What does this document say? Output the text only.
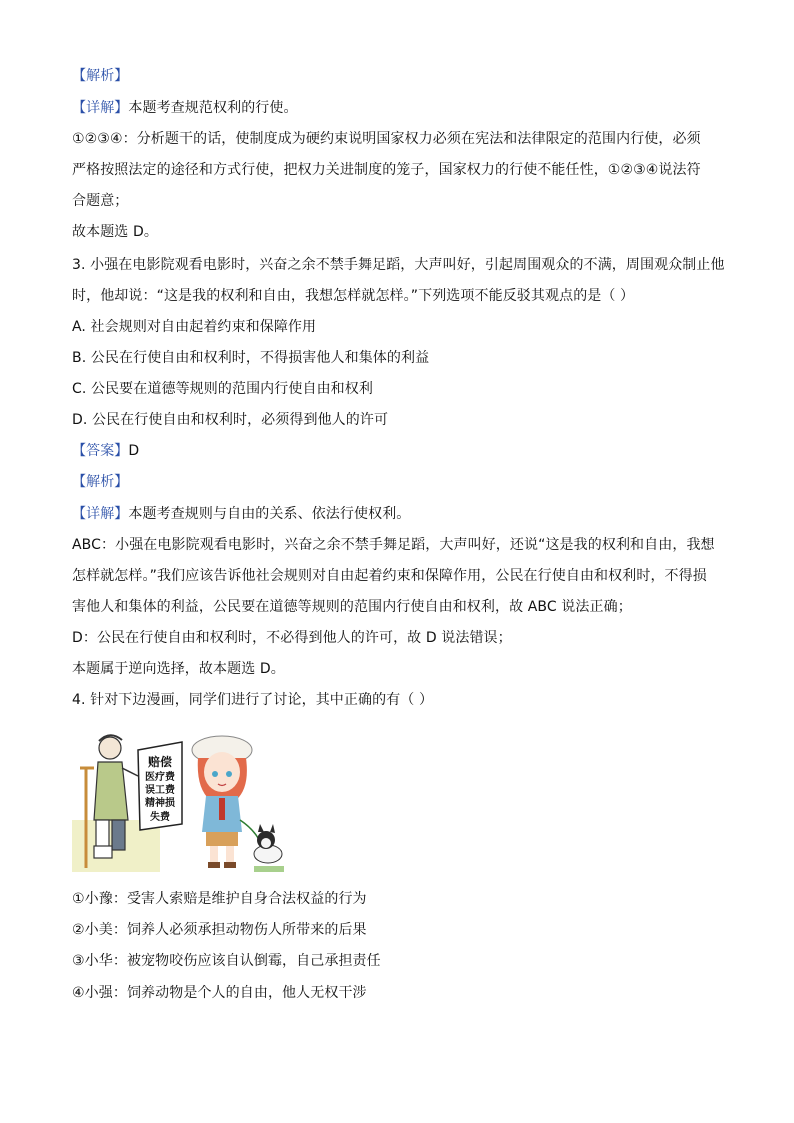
【解析】
【详解】本题考查规范权利的行使。
①②③④：分析题干的话，使制度成为硬约束说明国家权力必须在宪法和法律限定的范围内行使，必须
严格按照法定的途径和方式行使，把权力关进制度的笼子，国家权力的行使不能任性，①②③④说法符
合题意；
故本题选 D。
3. 小强在电影院观看电影时，兴奋之余不禁手舞足蹈，大声叫好，引起周围观众的不满，周围观众制止他
时，他却说：“这是我的权利和自由，我想怎样就怎样。”下列选项不能反驳其观点的是（ ）
A. 社会规则对自由起着约束和保障作用
B. 公民在行使自由和权利时，不得损害他人和集体的利益
C. 公民要在道德等规则的范围内行使自由和权利
D. 公民在行使自由和权利时，必须得到他人的许可
【答案】D
【解析】
【详解】本题考查规则与自由的关系、依法行使权利。
ABC：小强在电影院观看电影时，兴奋之余不禁手舞足蹈，大声叫好，还说“这是我的权利和自由，我想
怎样就怎样。”我们应该告诉他社会规则对自由起着约束和保障作用，公民在行使自由和权利时，不得损
害他人和集体的利益，公民要在道德等规则的范围内行使自由和权利，故 ABC 说法正确；
D：公民在行使自由和权利时，不必得到他人的许可，故 D 说法错误；
本题属于逆向选择，故本题选 D。
4. 针对下边漫画，同学们进行了讨论，其中正确的有（ ）
赔偿
医疗费
误工费
精神损
失费
①小豫：受害人索赔是维护自身合法权益的行为
②小美：饲养人必须承担动物伤人所带来的后果
③小华：被宠物咬伤应该自认倒霉，自己承担责任
④小强：饲养动物是个人的自由，他人无权干涉
